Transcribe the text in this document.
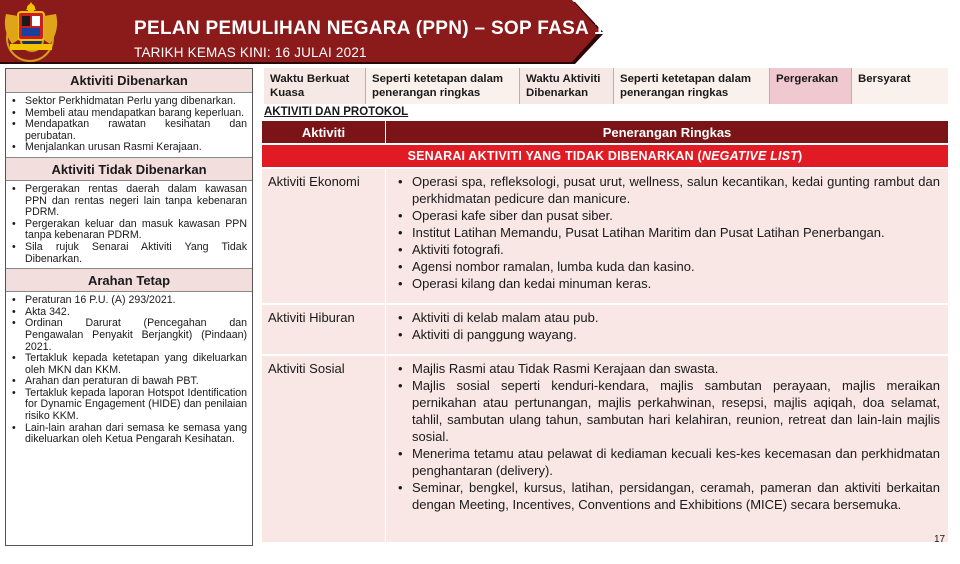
PELAN PEMULIHAN NEGARA (PPN) – SOP FASA 1
TARIKH KEMAS KINI: 16 JULAI 2021
Aktiviti Dibenarkan
• Sektor Perkhidmatan Perlu yang dibenarkan.
• Membeli atau mendapatkan barang keperluan.
• Mendapatkan rawatan kesihatan dan perubatan.
• Menjalankan urusan Rasmi Kerajaan.
Aktiviti Tidak Dibenarkan
• Pergerakan rentas daerah dalam kawasan PPN dan rentas negeri lain tanpa kebenaran PDRM.
• Pergerakan keluar dan masuk kawasan PPN tanpa kebenaran PDRM.
• Sila rujuk Senarai Aktiviti Yang Tidak Dibenarkan.
Arahan Tetap
• Peraturan 16 P.U. (A) 293/2021.
• Akta 342.
• Ordinan Darurat (Pencegahan dan Pengawalan Penyakit Berjangkit) (Pindaan) 2021.
• Tertakluk kepada ketetapan yang dikeluarkan oleh MKN dan KKM.
• Arahan dan peraturan di bawah PBT.
• Tertakluk kepada laporan Hotspot Identification for Dynamic Engagement (HIDE) dan penilaian risiko KKM.
• Lain-lain arahan dari semasa ke semasa yang dikeluarkan oleh Ketua Pengarah Kesihatan.
Waktu Berkuat Kuasa
Seperti ketetapan dalam penerangan ringkas
Waktu Aktiviti Dibenarkan
Seperti ketetapan dalam penerangan ringkas
Pergerakan	Bersyarat
AKTIVITI DAN PROTOKOL
Aktiviti	Penerangan Ringkas
SENARAI AKTIVITI YANG TIDAK DIBENARKAN (NEGATIVE LIST)
Aktiviti Ekonomi	• Operasi spa, refleksologi, pusat urut, wellness, salun kecantikan, kedai gunting rambut dan perkhidmatan pedicure dan manicure.
• Operasi kafe siber dan pusat siber.
• Institut Latihan Memandu, Pusat Latihan Maritim dan Pusat Latihan Penerbangan.
• Aktiviti fotografi.
• Agensi nombor ramalan, lumba kuda dan kasino.
• Operasi kilang dan kedai minuman keras.
Aktiviti Hiburan	• Aktiviti di kelab malam atau pub.
• Aktiviti di panggung wayang.
Aktiviti Sosial	• Majlis Rasmi atau Tidak Rasmi Kerajaan dan swasta.
• Majlis sosial seperti kenduri-kendara, majlis sambutan perayaan, majlis meraikan pernikahan atau pertunangan, majlis perkahwinan, resepsi, majlis aqiqah, doa selamat, tahlil, sambutan ulang tahun, sambutan hari kelahiran, reunion, retreat dan lain-lain majlis sosial.
• Menerima tetamu atau pelawat di kediaman kecuali kes-kes kecemasan dan perkhidmatan penghantaran (delivery).
• Seminar, bengkel, kursus, latihan, persidangan, ceramah, pameran dan aktiviti berkaitan dengan Meeting, Incentives, Conventions and Exhibitions (MICE) secara bersemuka.
17
